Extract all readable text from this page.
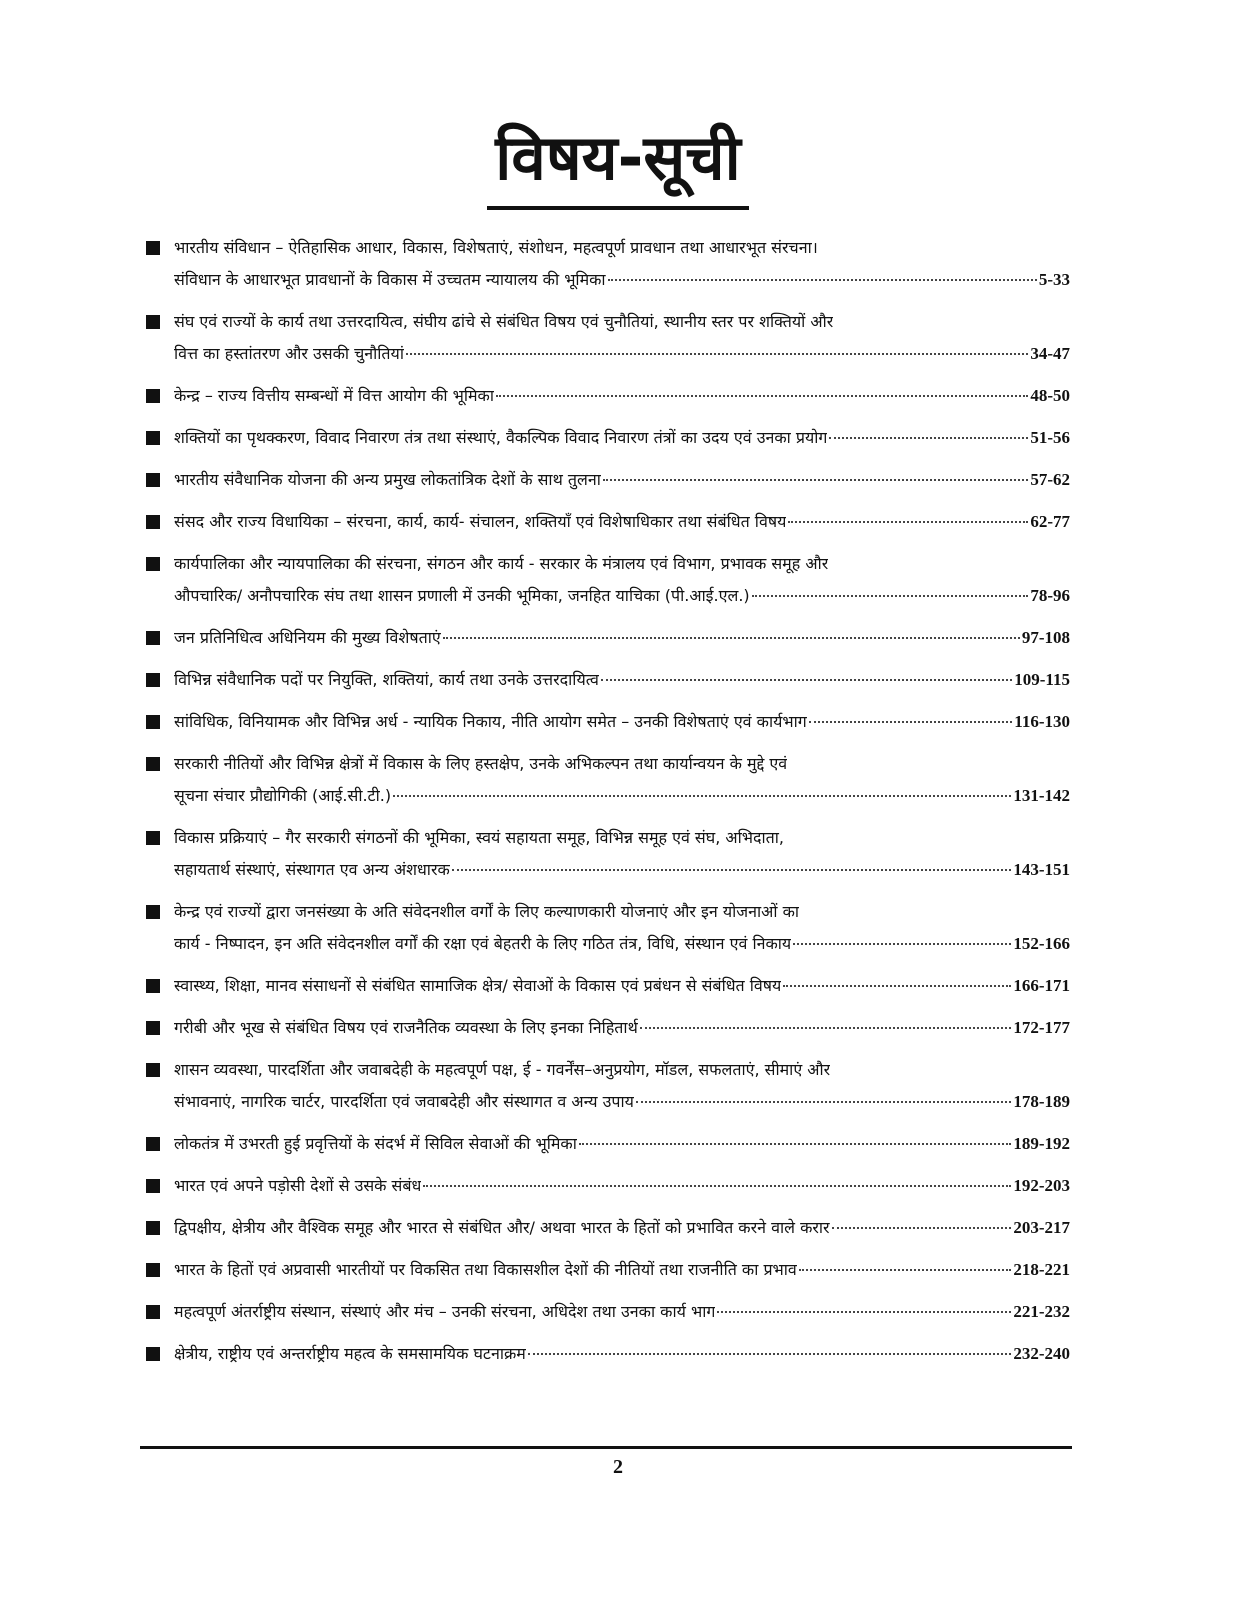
विषय-सूची
भारतीय संविधान – ऐतिहासिक आधार, विकास, विशेषताएं, संशोधन, महत्वपूर्ण प्रावधान तथा आधारभूत संरचना।
संविधान के आधारभूत प्रावधानों के विकास में उच्चतम न्यायालय की भूमिका	5-33
संघ एवं राज्यों के कार्य तथा उत्तरदायित्व, संघीय ढांचे से संबंधित विषय एवं चुनौतियां, स्थानीय स्तर पर शक्तियों और
वित्त का हस्तांतरण और उसकी चुनौतियां	34-47
केन्द्र – राज्य वित्तीय सम्बन्धों में वित्त आयोग की भूमिका	48-50
शक्तियों का पृथक्करण, विवाद निवारण तंत्र तथा संस्थाएं, वैकल्पिक विवाद निवारण तंत्रों का उदय एवं उनका प्रयोग	51-56
भारतीय संवैधानिक योजना की अन्य प्रमुख लोकतांत्रिक देशों के साथ तुलना	57-62
संसद और राज्य विधायिका – संरचना, कार्य, कार्य- संचालन, शक्तियाँ एवं विशेषाधिकार तथा संबंधित विषय	62-77
कार्यपालिका और न्यायपालिका की संरचना, संगठन और कार्य - सरकार के मंत्रालय एवं विभाग, प्रभावक समूह और
औपचारिक/ अनौपचारिक संघ तथा शासन प्रणाली में उनकी भूमिका, जनहित याचिका (पी.आई.एल.)	78-96
जन प्रतिनिधित्व अधिनियम की मुख्य विशेषताएं	97-108
विभिन्न संवैधानिक पदों पर नियुक्ति, शक्तियां, कार्य तथा उनके उत्तरदायित्व	109-115
सांविधिक, विनियामक और विभिन्न अर्ध - न्यायिक निकाय, नीति आयोग समेत – उनकी विशेषताएं एवं कार्यभाग	116-130
सरकारी नीतियों और विभिन्न क्षेत्रों में विकास के लिए हस्तक्षेप, उनके अभिकल्पन तथा कार्यान्वयन के मुद्दे एवं
सूचना संचार प्रौद्योगिकी (आई.सी.टी.)	131-142
विकास प्रक्रियाएं – गैर सरकारी संगठनों की भूमिका, स्वयं सहायता समूह, विभिन्न समूह एवं संघ, अभिदाता,
सहायतार्थ संस्थाएं, संस्थागत एव अन्य अंशधारक	143-151
केन्द्र एवं राज्यों द्वारा जनसंख्या के अति संवेदनशील वर्गों के लिए कल्याणकारी योजनाएं और इन योजनाओं का
कार्य - निष्पादन, इन अति संवेदनशील वर्गों की रक्षा एवं बेहतरी के लिए गठित तंत्र, विधि, संस्थान एवं निकाय	152-166
स्वास्थ्य, शिक्षा, मानव संसाधनों से संबंधित सामाजिक क्षेत्र/ सेवाओं के विकास एवं प्रबंधन से संबंधित विषय	166-171
गरीबी और भूख से संबंधित विषय एवं राजनैतिक व्यवस्था के लिए इनका निहितार्थ	172-177
शासन व्यवस्था, पारदर्शिता और जवाबदेही के महत्वपूर्ण पक्ष, ई - गवर्नेंस–अनुप्रयोग, मॉडल, सफलताएं, सीमाएं और
संभावनाएं, नागरिक चार्टर, पारदर्शिता एवं जवाबदेही और संस्थागत व अन्य उपाय	178-189
लोकतंत्र में उभरती हुई प्रवृत्तियों के संदर्भ में सिविल सेवाओं की भूमिका	189-192
भारत एवं अपने पड़ोसी देशों से उसके संबंध	192-203
द्विपक्षीय, क्षेत्रीय और वैश्विक समूह और भारत से संबंधित और/ अथवा भारत के हितों को प्रभावित करने वाले करार	203-217
भारत के हितों एवं अप्रवासी भारतीयों पर विकसित तथा विकासशील देशों की नीतियों तथा राजनीति का प्रभाव	218-221
महत्वपूर्ण अंतर्राष्ट्रीय संस्थान, संस्थाएं और मंच – उनकी संरचना, अधिदेश तथा उनका कार्य भाग	221-232
क्षेत्रीय, राष्ट्रीय एवं अन्तर्राष्ट्रीय महत्व के समसामयिक घटनाक्रम	232-240
2
